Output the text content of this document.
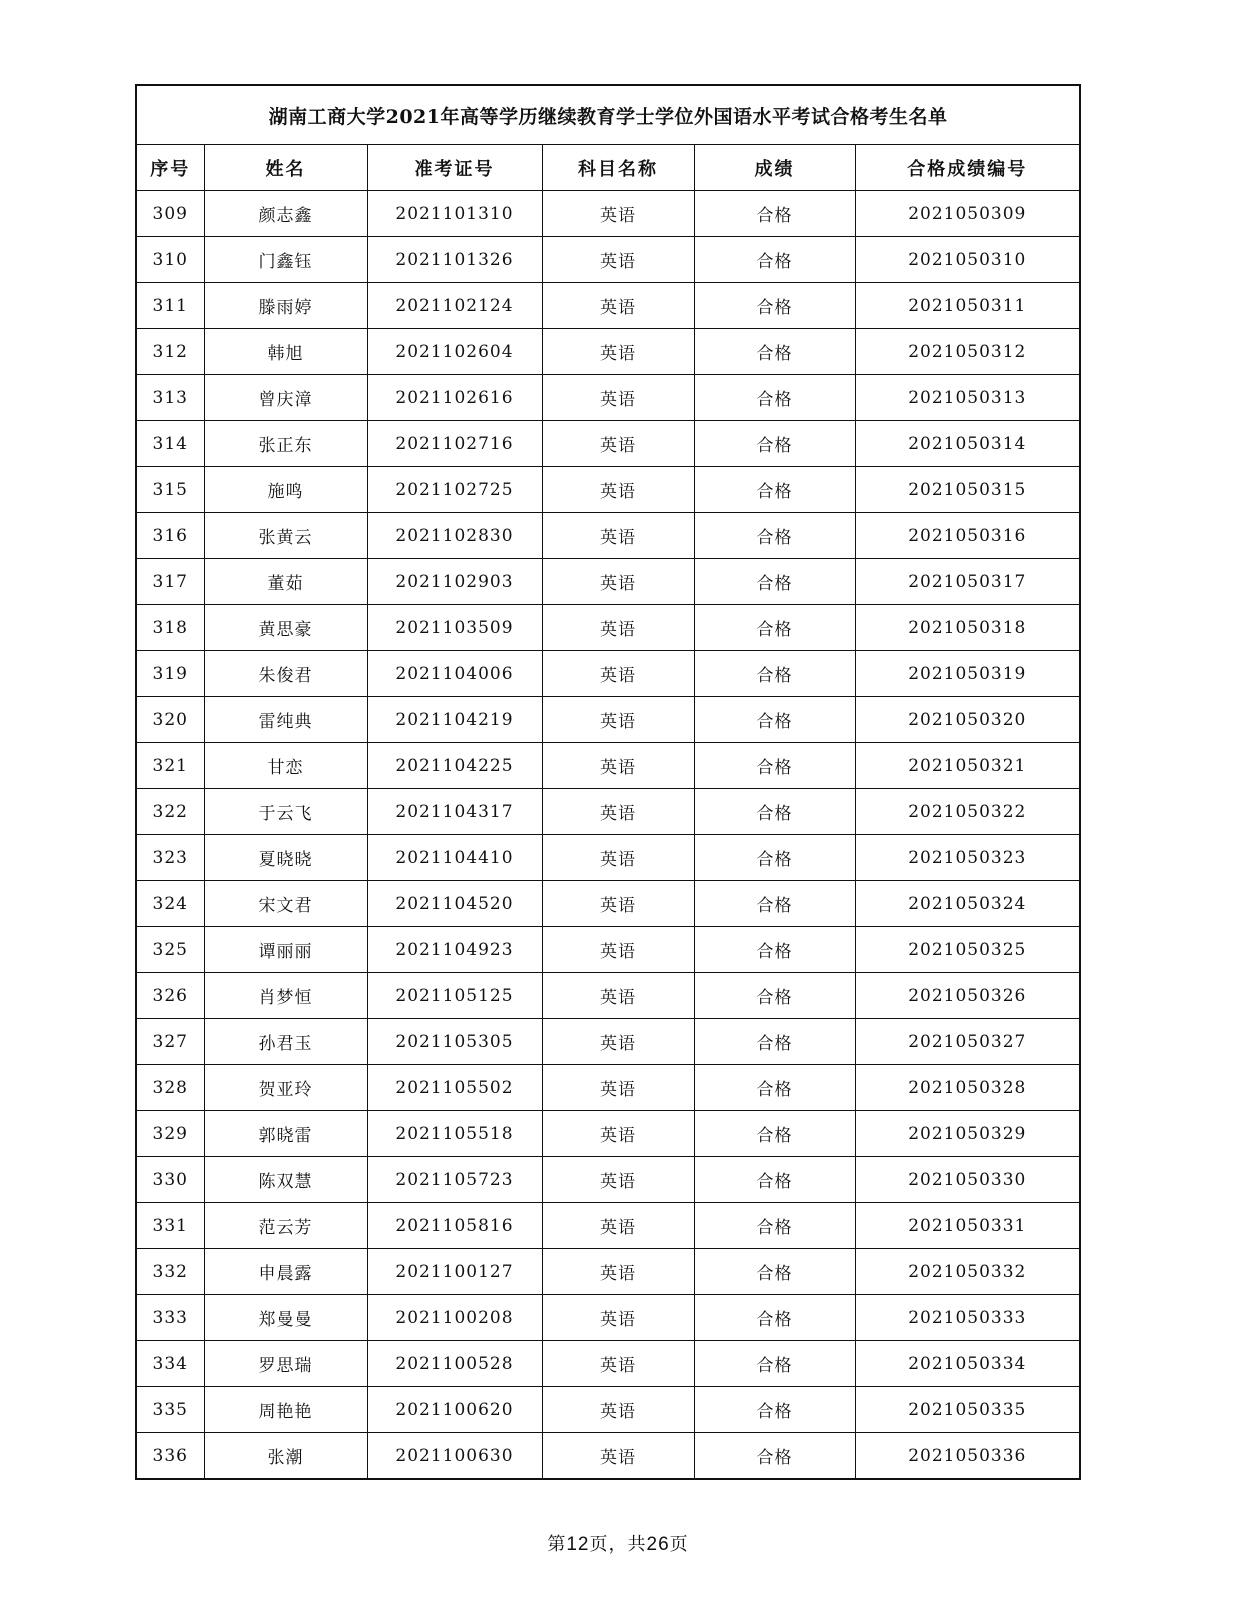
湖南工商大学2021年高等学历继续教育学士学位外国语水平考试合格考生名单					
序号	姓名	准考证号	科目名称	成绩	合格成绩编号
309	颜志鑫	2021101310	英语	合格	2021050309
310	门鑫钰	2021101326	英语	合格	2021050310
311	滕雨婷	2021102124	英语	合格	2021050311
312	韩旭	2021102604	英语	合格	2021050312
313	曾庆漳	2021102616	英语	合格	2021050313
314	张正东	2021102716	英语	合格	2021050314
315	施鸣	2021102725	英语	合格	2021050315
316	张黄云	2021102830	英语	合格	2021050316
317	董茹	2021102903	英语	合格	2021050317
318	黄思豪	2021103509	英语	合格	2021050318
319	朱俊君	2021104006	英语	合格	2021050319
320	雷纯典	2021104219	英语	合格	2021050320
321	甘恋	2021104225	英语	合格	2021050321
322	于云飞	2021104317	英语	合格	2021050322
323	夏晓晓	2021104410	英语	合格	2021050323
324	宋文君	2021104520	英语	合格	2021050324
325	谭丽丽	2021104923	英语	合格	2021050325
326	肖梦恒	2021105125	英语	合格	2021050326
327	孙君玉	2021105305	英语	合格	2021050327
328	贺亚玲	2021105502	英语	合格	2021050328
329	郭晓雷	2021105518	英语	合格	2021050329
330	陈双慧	2021105723	英语	合格	2021050330
331	范云芳	2021105816	英语	合格	2021050331
332	申晨露	2021100127	英语	合格	2021050332
333	郑曼曼	2021100208	英语	合格	2021050333
334	罗思瑞	2021100528	英语	合格	2021050334
335	周艳艳	2021100620	英语	合格	2021050335
336	张潮	2021100630	英语	合格	2021050336
第12页，共26页
